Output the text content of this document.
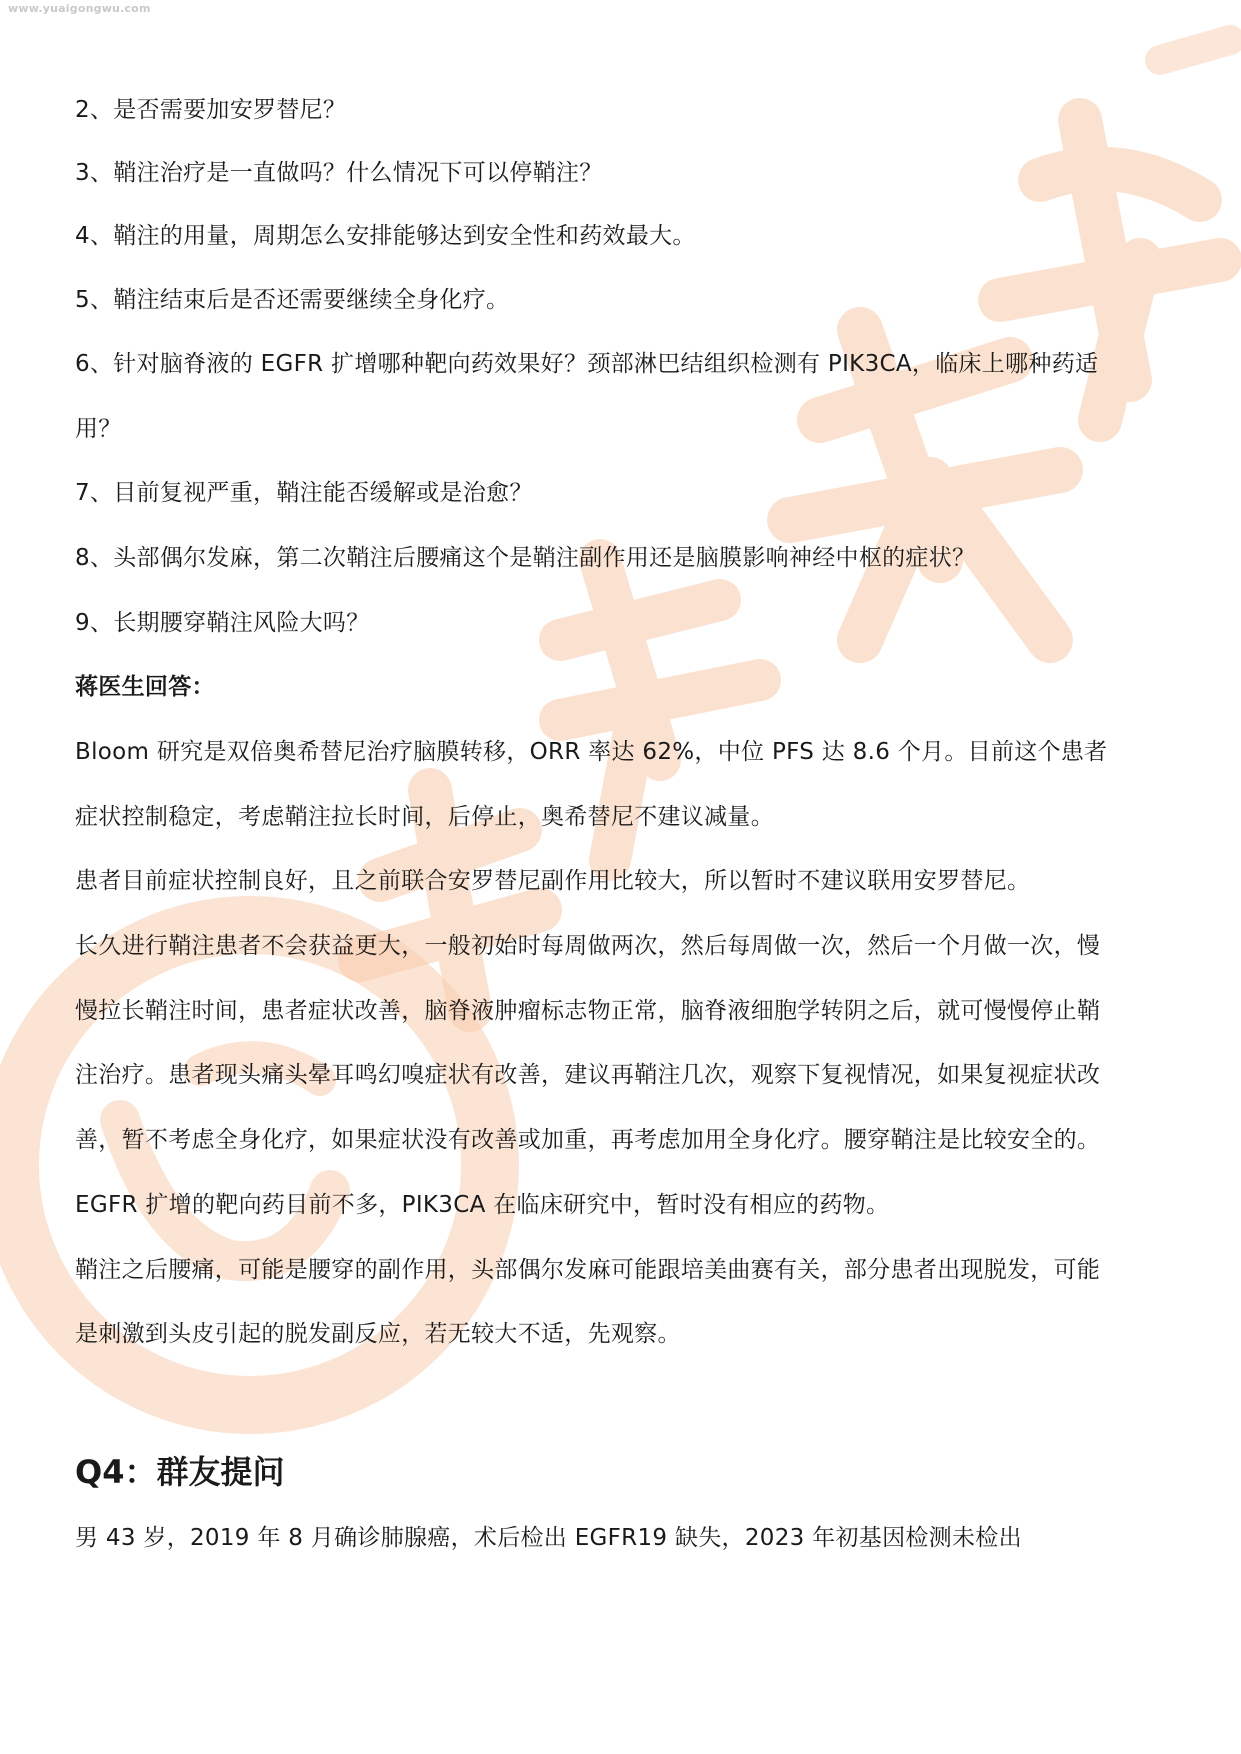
www.yuaigongwu.com
2、是否需要加安罗替尼？
3、鞘注治疗是一直做吗？什么情况下可以停鞘注？
4、鞘注的用量，周期怎么安排能够达到安全性和药效最大。
5、鞘注结束后是否还需要继续全身化疗。
6、针对脑脊液的 EGFR 扩增哪种靶向药效果好？颈部淋巴结组织检测有 PIK3CA，临床上哪种药适
用？
7、目前复视严重，鞘注能否缓解或是治愈？
8、头部偶尔发麻，第二次鞘注后腰痛这个是鞘注副作用还是脑膜影响神经中枢的症状？
9、长期腰穿鞘注风险大吗？
蒋医生回答：
Bloom 研究是双倍奥希替尼治疗脑膜转移，ORR 率达 62%，中位 PFS 达 8.6 个月。目前这个患者
症状控制稳定，考虑鞘注拉长时间，后停止，奥希替尼不建议减量。
患者目前症状控制良好，且之前联合安罗替尼副作用比较大，所以暂时不建议联用安罗替尼。
长久进行鞘注患者不会获益更大，一般初始时每周做两次，然后每周做一次，然后一个月做一次，慢
慢拉长鞘注时间，患者症状改善，脑脊液肿瘤标志物正常，脑脊液细胞学转阴之后，就可慢慢停止鞘
注治疗。患者现头痛头晕耳鸣幻嗅症状有改善，建议再鞘注几次，观察下复视情况，如果复视症状改
善，暂不考虑全身化疗，如果症状没有改善或加重，再考虑加用全身化疗。腰穿鞘注是比较安全的。
EGFR 扩增的靶向药目前不多，PIK3CA 在临床研究中，暂时没有相应的药物。
鞘注之后腰痛，可能是腰穿的副作用，头部偶尔发麻可能跟培美曲赛有关，部分患者出现脱发，可能
是刺激到头皮引起的脱发副反应，若无较大不适，先观察。
Q4：群友提问
男 43 岁，2019 年 8 月确诊肺腺癌，术后检出 EGFR19 缺失，2023 年初基因检测未检出
